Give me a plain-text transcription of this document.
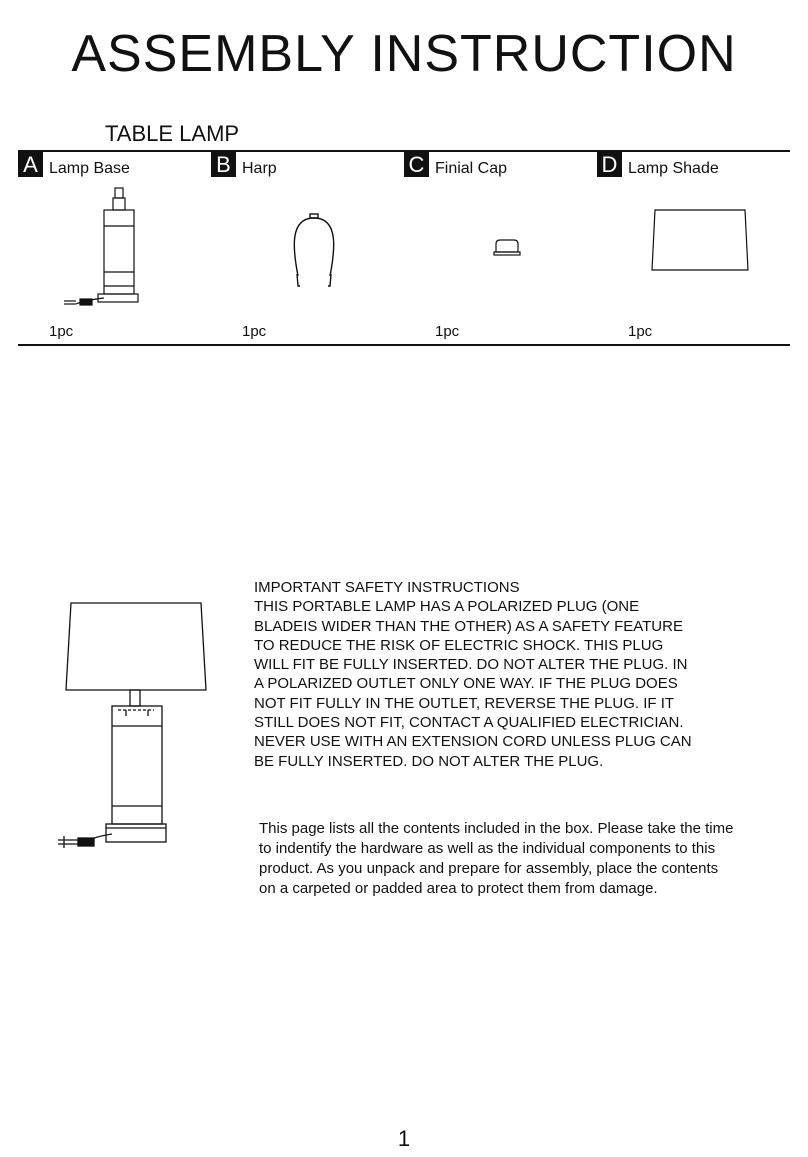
ASSEMBLY INSTRUCTION
TABLE LAMP
A Lamp Base
1pc
B Harp
1pc
C Finial Cap
1pc
D Lamp Shade
1pc
IMPORTANT SAFETY INSTRUCTIONS
THIS PORTABLE LAMP HAS A POLARIZED PLUG (ONE
BLADEIS WIDER THAN THE OTHER) AS A SAFETY FEATURE
TO REDUCE THE RISK OF ELECTRIC SHOCK. THIS PLUG
WILL FIT BE FULLY INSERTED. DO NOT ALTER THE PLUG. IN
A POLARIZED OUTLET ONLY ONE WAY. IF THE PLUG DOES
NOT FIT FULLY IN THE OUTLET, REVERSE THE PLUG. IF IT
STILL DOES NOT FIT, CONTACT A QUALIFIED ELECTRICIAN.
NEVER USE WITH AN EXTENSION CORD UNLESS PLUG CAN
BE FULLY INSERTED. DO NOT ALTER THE PLUG.
This page lists all the contents included in the box. Please take the time
to indentify the hardware as well as the individual components to this
product. As you unpack and prepare for assembly, place the contents
on a carpeted or padded area to protect them from damage.
1
